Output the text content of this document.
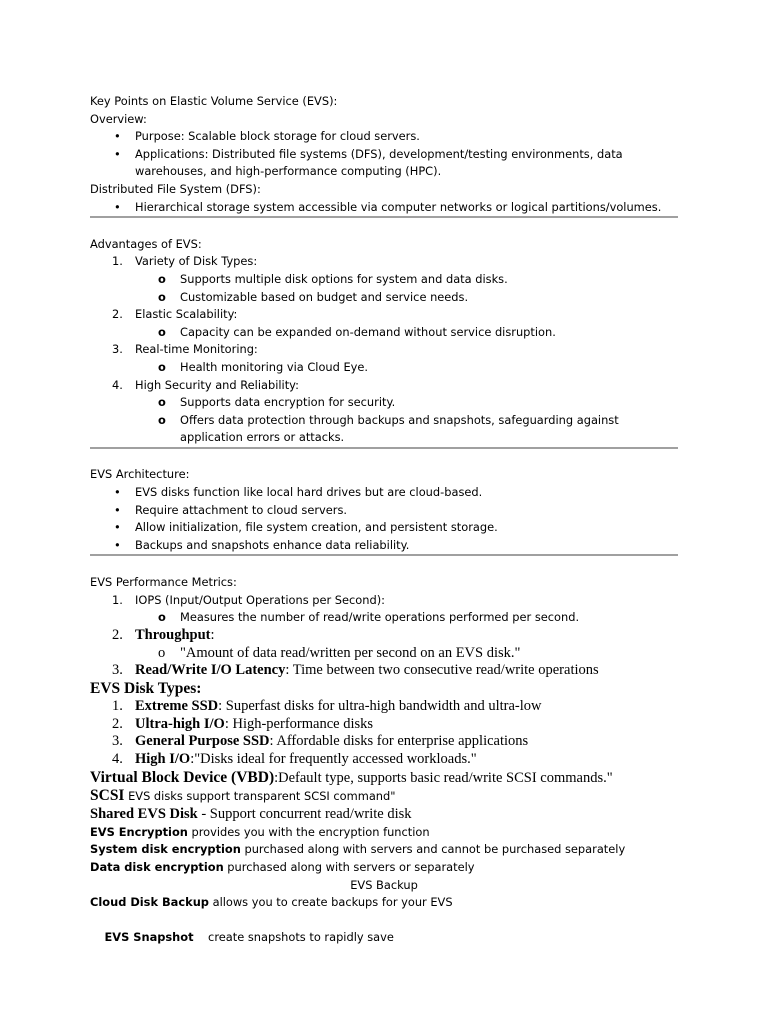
Key Points on Elastic Volume Service (EVS):
Overview:
• Purpose: Scalable block storage for cloud servers.
• Applications: Distributed file systems (DFS), development/testing environments, data warehouses, and high-performance computing (HPC).
Distributed File System (DFS):
• Hierarchical storage system accessible via computer networks or logical partitions/volumes.
Advantages of EVS:
1. Variety of Disk Types:
o Supports multiple disk options for system and data disks.
o Customizable based on budget and service needs.
2. Elastic Scalability:
o Capacity can be expanded on-demand without service disruption.
3. Real-time Monitoring:
o Health monitoring via Cloud Eye.
4. High Security and Reliability:
o Supports data encryption for security.
o Offers data protection through backups and snapshots, safeguarding against application errors or attacks.
EVS Architecture:
• EVS disks function like local hard drives but are cloud-based.
• Require attachment to cloud servers.
• Allow initialization, file system creation, and persistent storage.
• Backups and snapshots enhance data reliability.
EVS Performance Metrics:
1. IOPS (Input/Output Operations per Second):
o Measures the number of read/write operations performed per second.
2. Throughput:
o "Amount of data read/written per second on an EVS disk."
3. Read/Write I/O Latency: Time between two consecutive read/write operations
EVS Disk Types:
1. Extreme SSD: Superfast disks for ultra-high bandwidth and ultra-low
2. Ultra-high I/O: High-performance disks
3. General Purpose SSD: Affordable disks for enterprise applications
4. High I/O:"Disks ideal for frequently accessed workloads."
Virtual Block Device (VBD):Default type, supports basic read/write SCSI commands."
SCSI EVS disks support transparent SCSI command"
Shared EVS Disk - Support concurrent read/write disk
EVS Encryption provides you with the encryption function
System disk encryption purchased along with servers and cannot be purchased separately
Data disk encryption purchased along with servers or separately
EVS Backup
Cloud Disk Backup allows you to create backups for your EVS

EVS Snapshot    create snapshots to rapidly save
